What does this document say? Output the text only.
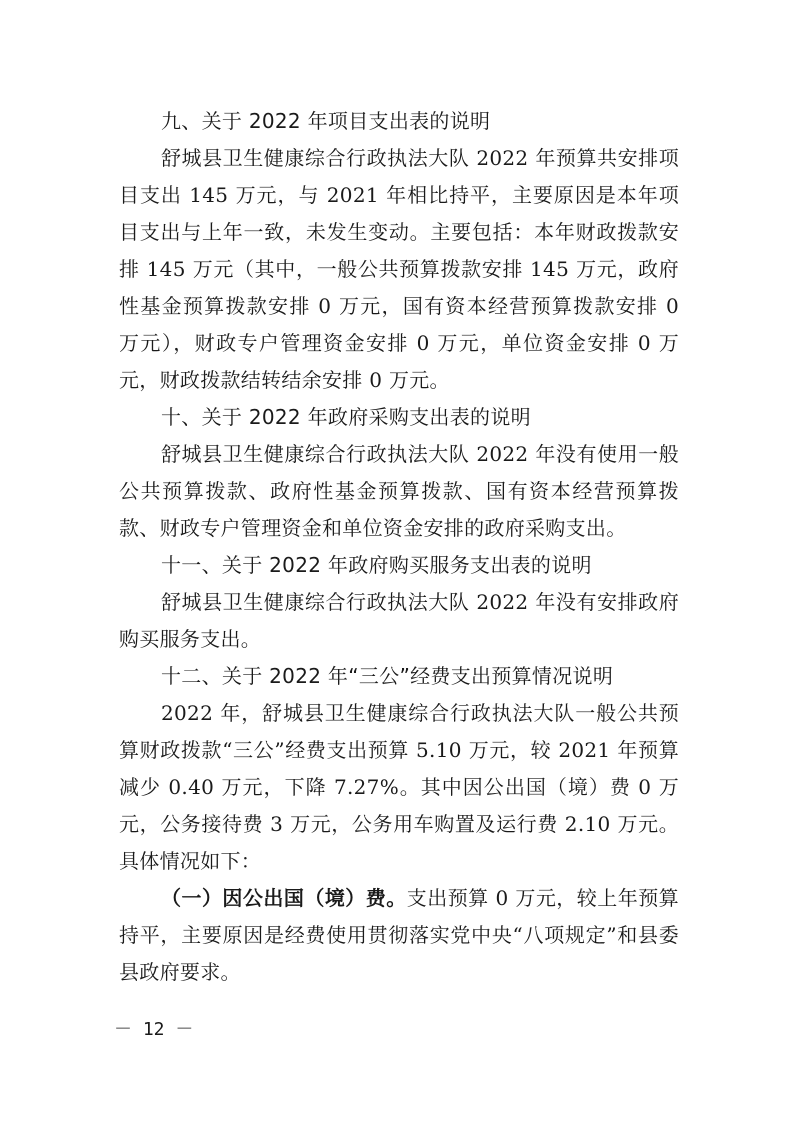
九、关于 2022 年项目支出表的说明

舒城县卫生健康综合行政执法大队 2022 年预算共安排项目支出 145 万元，与 2021 年相比持平，主要原因是本年项目支出与上年一致，未发生变动。主要包括：本年财政拨款安排 145 万元（其中，一般公共预算拨款安排 145 万元，政府性基金预算拨款安排 0 万元，国有资本经营预算拨款安排 0 万元），财政专户管理资金安排 0 万元，单位资金安排 0 万元，财政拨款结转结余安排 0 万元。

十、关于 2022 年政府采购支出表的说明

舒城县卫生健康综合行政执法大队 2022 年没有使用一般公共预算拨款、政府性基金预算拨款、国有资本经营预算拨款、财政专户管理资金和单位资金安排的政府采购支出。

十一、关于 2022 年政府购买服务支出表的说明

舒城县卫生健康综合行政执法大队 2022 年没有安排政府购买服务支出。

十二、关于 2022 年“三公”经费支出预算情况说明

2022 年，舒城县卫生健康综合行政执法大队一般公共预算财政拨款“三公”经费支出预算 5.10 万元，较 2021 年预算减少 0.40 万元，下降 7.27%。其中因公出国（境）费 0 万元，公务接待费 3 万元，公务用车购置及运行费 2.10 万元。具体情况如下：

（一）因公出国（境）费。支出预算 0 万元，较上年预算持平，主要原因是经费使用贯彻落实党中央“八项规定”和县委县政府要求。

－ 12 －
